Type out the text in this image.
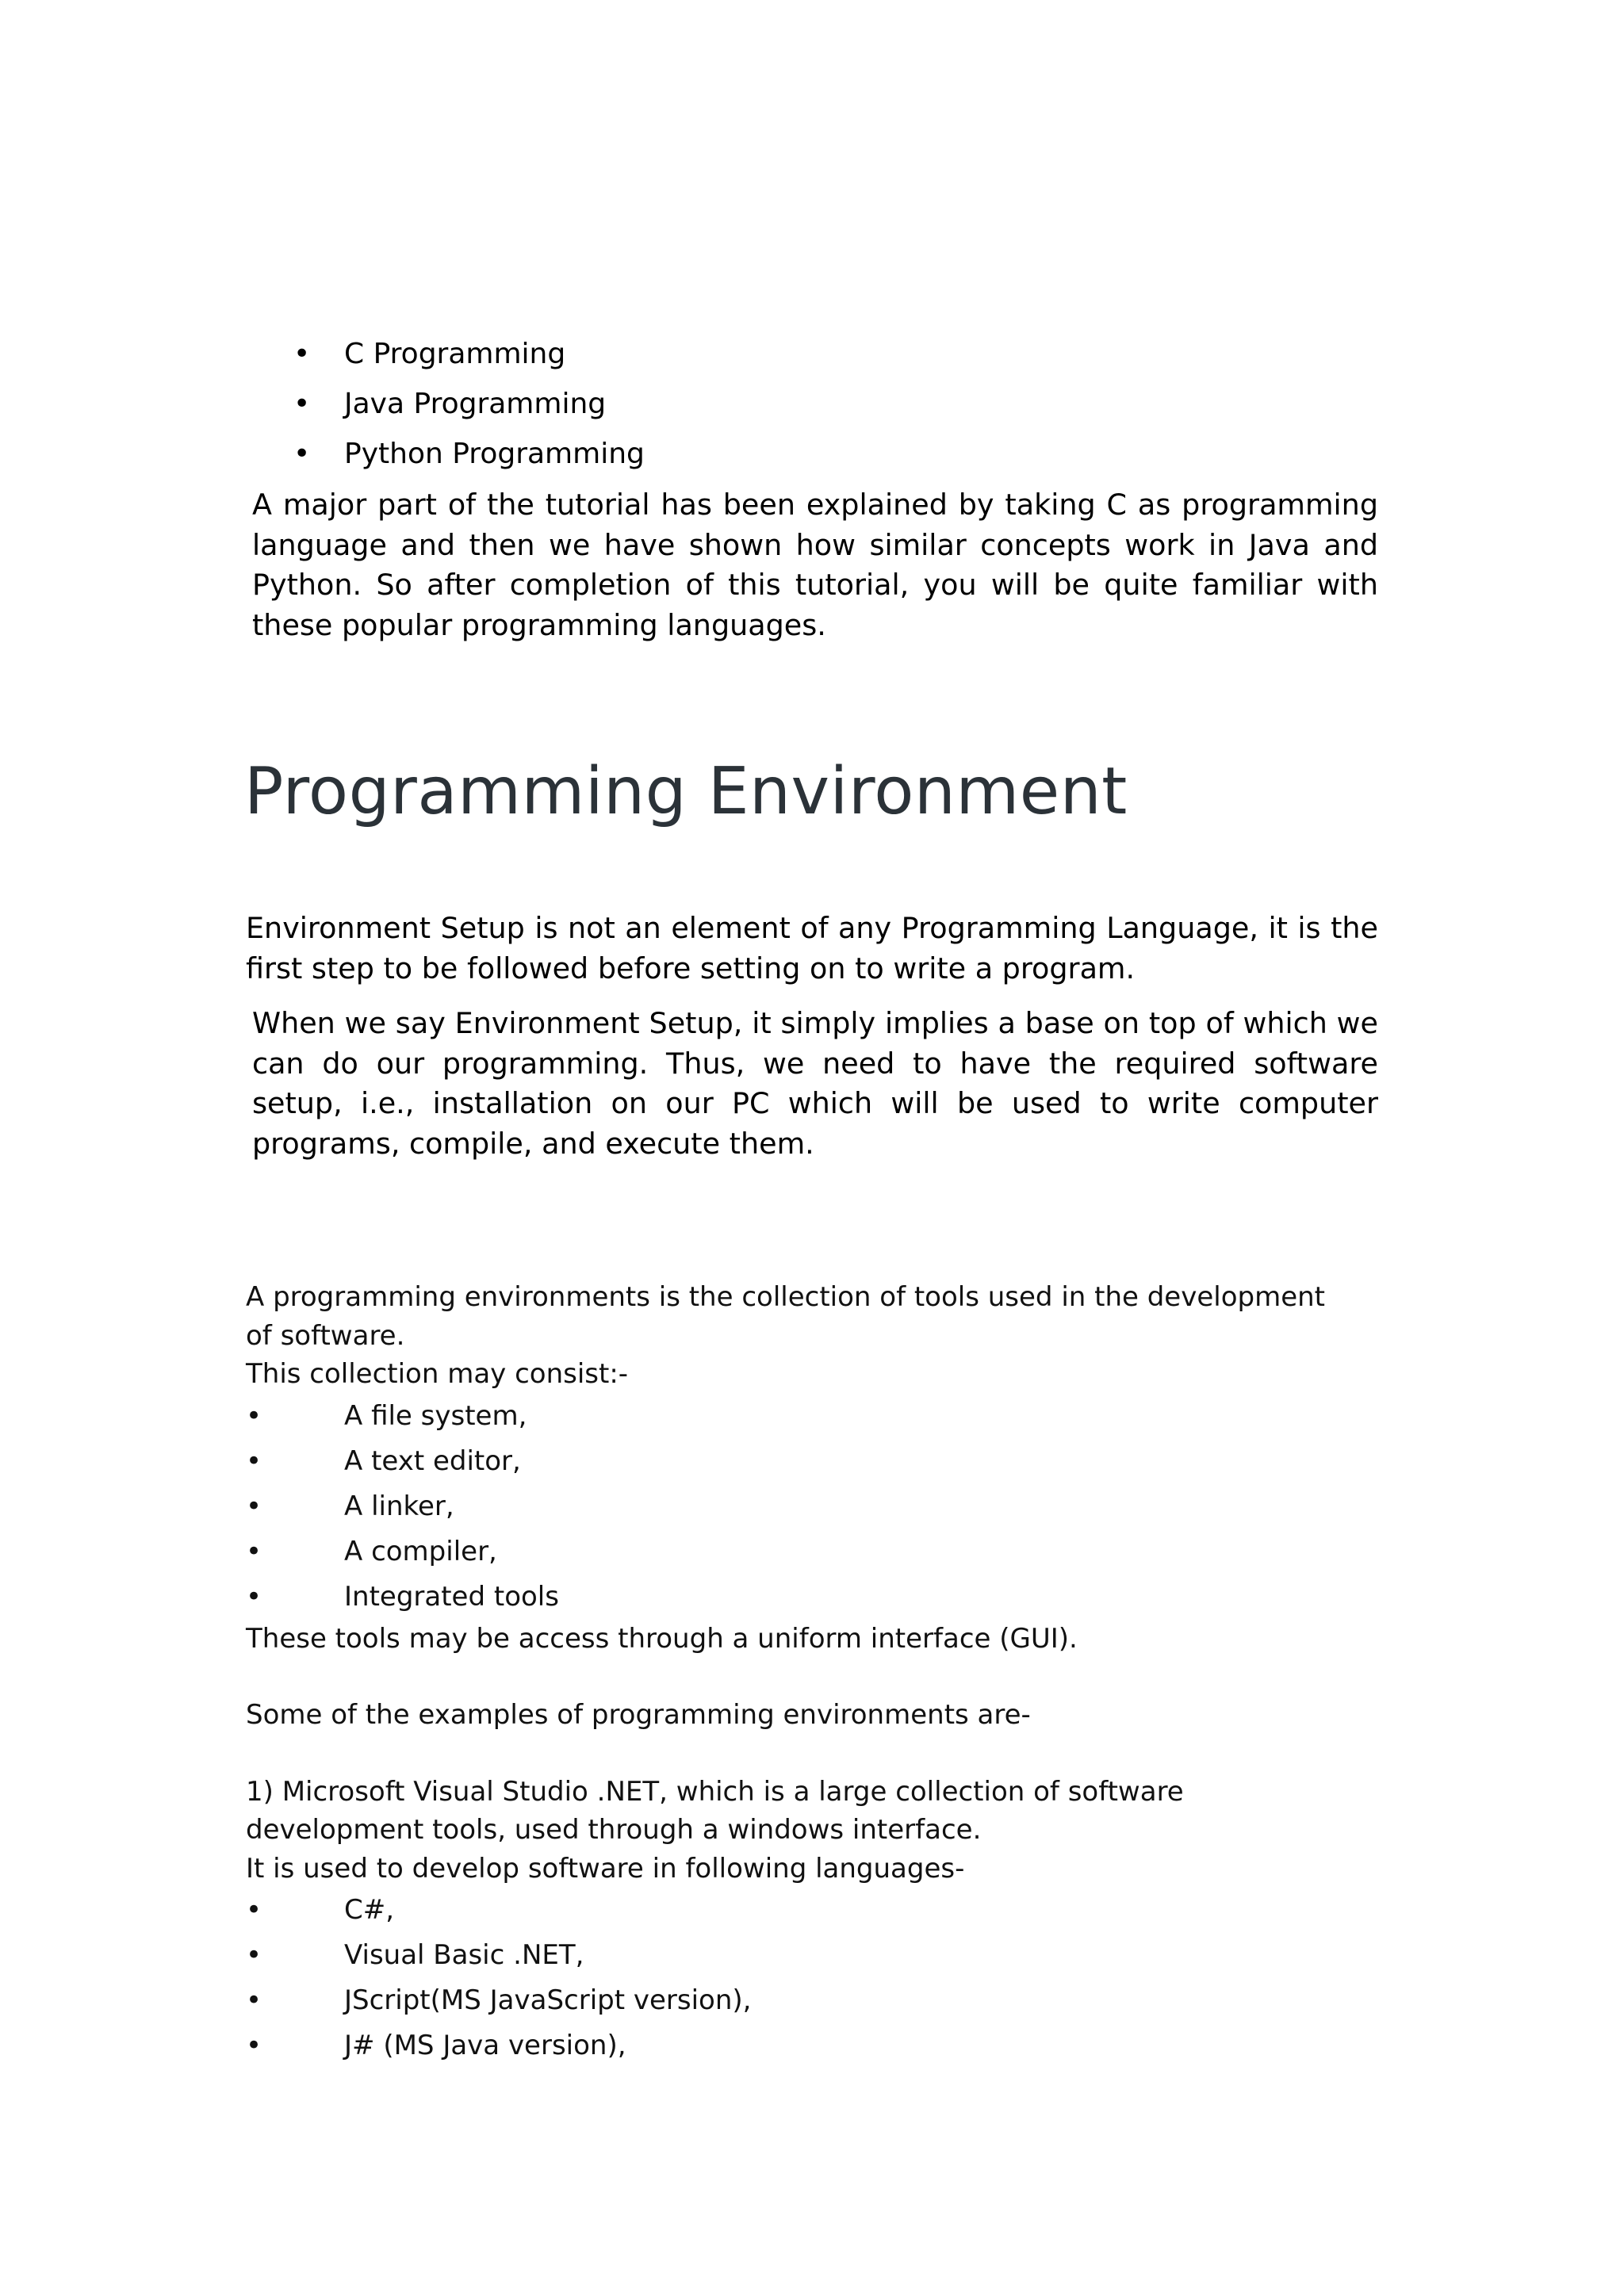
• C Programming
• Java Programming
• Python Programming

A major part of the tutorial has been explained by taking C as programming language and then we have shown how similar concepts work in Java and Python. So after completion of this tutorial, you will be quite familiar with these popular programming languages.

Programming Environment

Environment Setup is not an element of any Programming Language, it is the first step to be followed before setting on to write a program.

When we say Environment Setup, it simply implies a base on top of which we can do our programming. Thus, we need to have the required software setup, i.e., installation on our PC which will be used to write computer programs, compile, and execute them.

A programming environments is the collection of tools used in the development of software.

This collection may consist:-

• A file system,
• A text editor,
• A linker,
• A compiler,
• Integrated tools

These tools may be access through a uniform interface (GUI).

Some of the examples of programming environments are-

1) Microsoft Visual Studio .NET, which is a large collection of software development tools, used through a windows interface.

It is used to develop software in following languages-

• C#,
• Visual Basic .NET,
• JScript(MS JavaScript version),
• J# (MS Java version),
